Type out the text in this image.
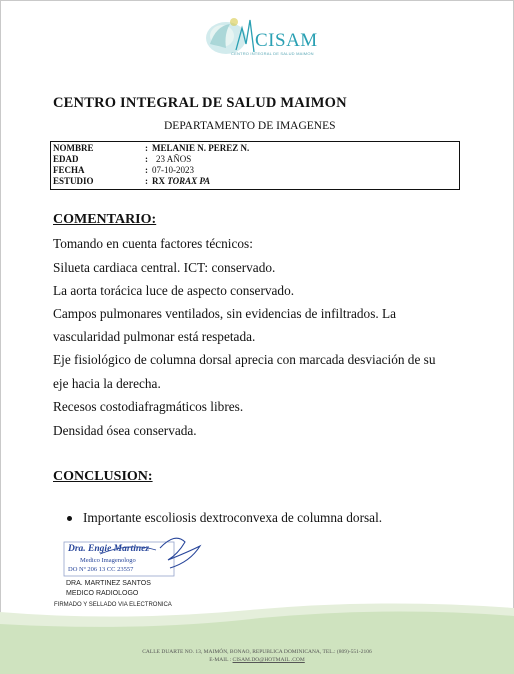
CISAM
CENTRO INTEGRAL DE SALUD MAIMON
CENTRO INTEGRAL DE SALUD MAIMON
DEPARTAMENTO DE IMAGENES
NOMBRE	: MELANIE N. PEREZ N.
EDAD	: 23 AÑOS
FECHA	: 07-10-2023
ESTUDIO	: RX TORAX PA
COMENTARIO:
Tomando en cuenta factores técnicos:
Silueta cardiaca central. ICT: conservado.
La aorta torácica luce de aspecto conservado.
Campos pulmonares ventilados, sin evidencias de infiltrados. La
vascularidad pulmonar está respetada.
Eje fisiológico de columna dorsal aprecia con marcada desviación de su
eje hacia la derecha.
Recesos costodiafragmáticos libres.
Densidad ósea conservada.
CONCLUSION:
Importante escoliosis dextroconvexa de columna dorsal.
Dra. Engie Martinez
Medico Imagenologo
DO Nº 206 13 CC 23557
DRA. MARTINEZ SANTOS
MEDICO RADIOLOGO
FIRMADO Y SELLADO VIA ELECTRONICA
CALLE DUARTE NO. 13, MAIMÓN, BONAO, REPUBLICA DOMINICANA, TEL.: (809)-551-2106
E-MAIL : CISAM.DO@HOTMAIL .COM
